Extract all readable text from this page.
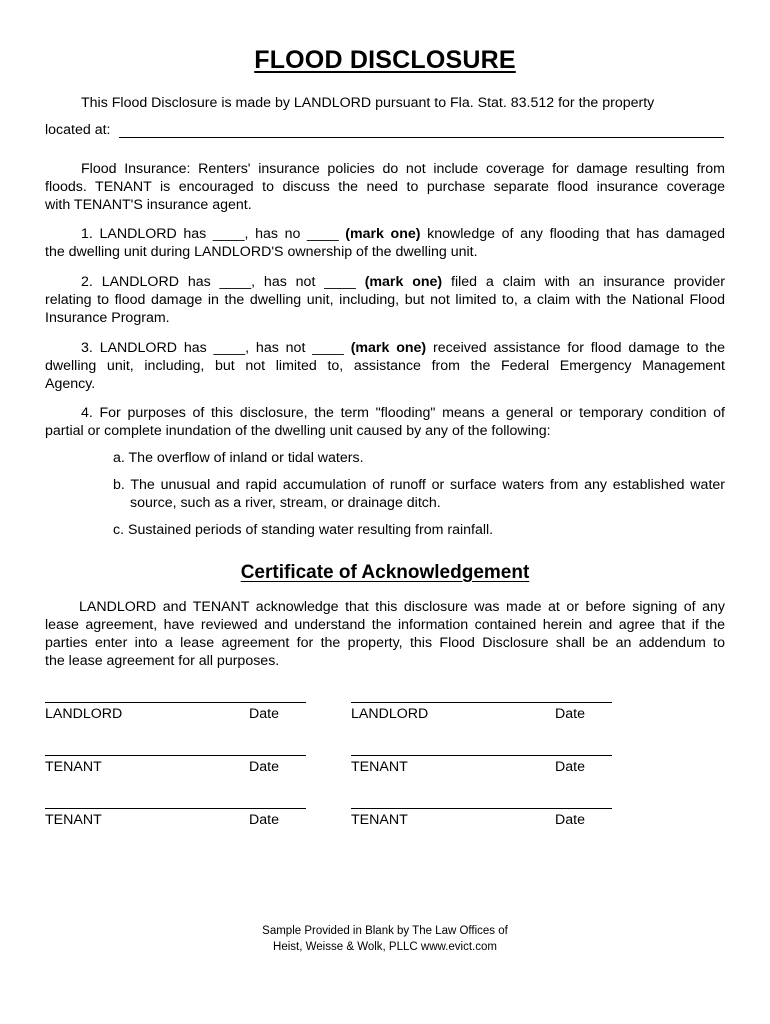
FLOOD DISCLOSURE
This Flood Disclosure is made by LANDLORD pursuant to Fla. Stat. 83.512 for the property
located at:
Flood Insurance: Renters' insurance policies do not include coverage for damage resulting from
floods. TENANT is encouraged to discuss the need to purchase separate flood insurance coverage
with TENANT'S insurance agent.
1. LANDLORD has ____, has no ____ (mark one) knowledge of any flooding that has damaged
the dwelling unit during LANDLORD'S ownership of the dwelling unit.
2. LANDLORD has ____, has not ____ (mark one) filed a claim with an insurance provider
relating to flood damage in the dwelling unit, including, but not limited to, a claim with the National Flood
Insurance Program.
3. LANDLORD has ____, has not ____ (mark one) received assistance for flood damage to the
dwelling unit, including, but not limited to, assistance from the Federal Emergency Management
Agency.
4. For purposes of this disclosure, the term "flooding" means a general or temporary condition of
partial or complete inundation of the dwelling unit caused by any of the following:
a. The overflow of inland or tidal waters.
b. The unusual and rapid accumulation of runoff or surface waters from any established water
source, such as a river, stream, or drainage ditch.
c. Sustained periods of standing water resulting from rainfall.
Certificate of Acknowledgement
LANDLORD and TENANT acknowledge that this disclosure was made at or before signing of any
lease agreement, have reviewed and understand the information contained herein and agree that if the
parties enter into a lease agreement for the property, this Flood Disclosure shall be an addendum to
the lease agreement for all purposes.
LANDLORD	Date	LANDLORD	Date
TENANT	Date	TENANT	Date
TENANT	Date	TENANT	Date
Sample Provided in Blank by The Law Offices of
Heist, Weisse & Wolk, PLLC www.evict.com
